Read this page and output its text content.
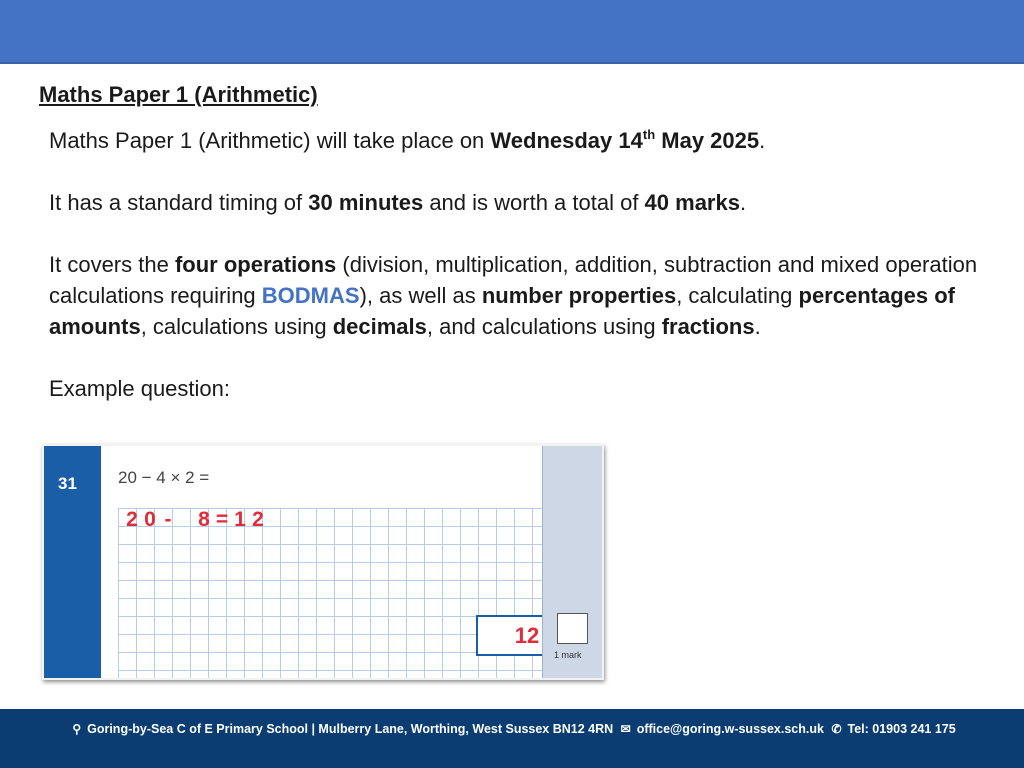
Maths Paper 1 (Arithmetic)

Maths Paper 1 (Arithmetic) will take place on Wednesday 14th May 2025.

It has a standard timing of 30 minutes and is worth a total of 40 marks.

It covers the four operations (division, multiplication, addition, subtraction and mixed operation calculations requiring BODMAS), as well as number properties, calculating percentages of amounts, calculations using decimals, and calculations using fractions.

Example question:

31 20 − 4 × 2 =
2 0 - 8 = 1 2
12
1 mark
⚲ Goring-by-Sea C of E Primary School | Mulberry Lane, Worthing, West Sussex BN12 4RN ✉ office@goring.w-sussex.sch.uk ✆ Tel: 01903 241 175
